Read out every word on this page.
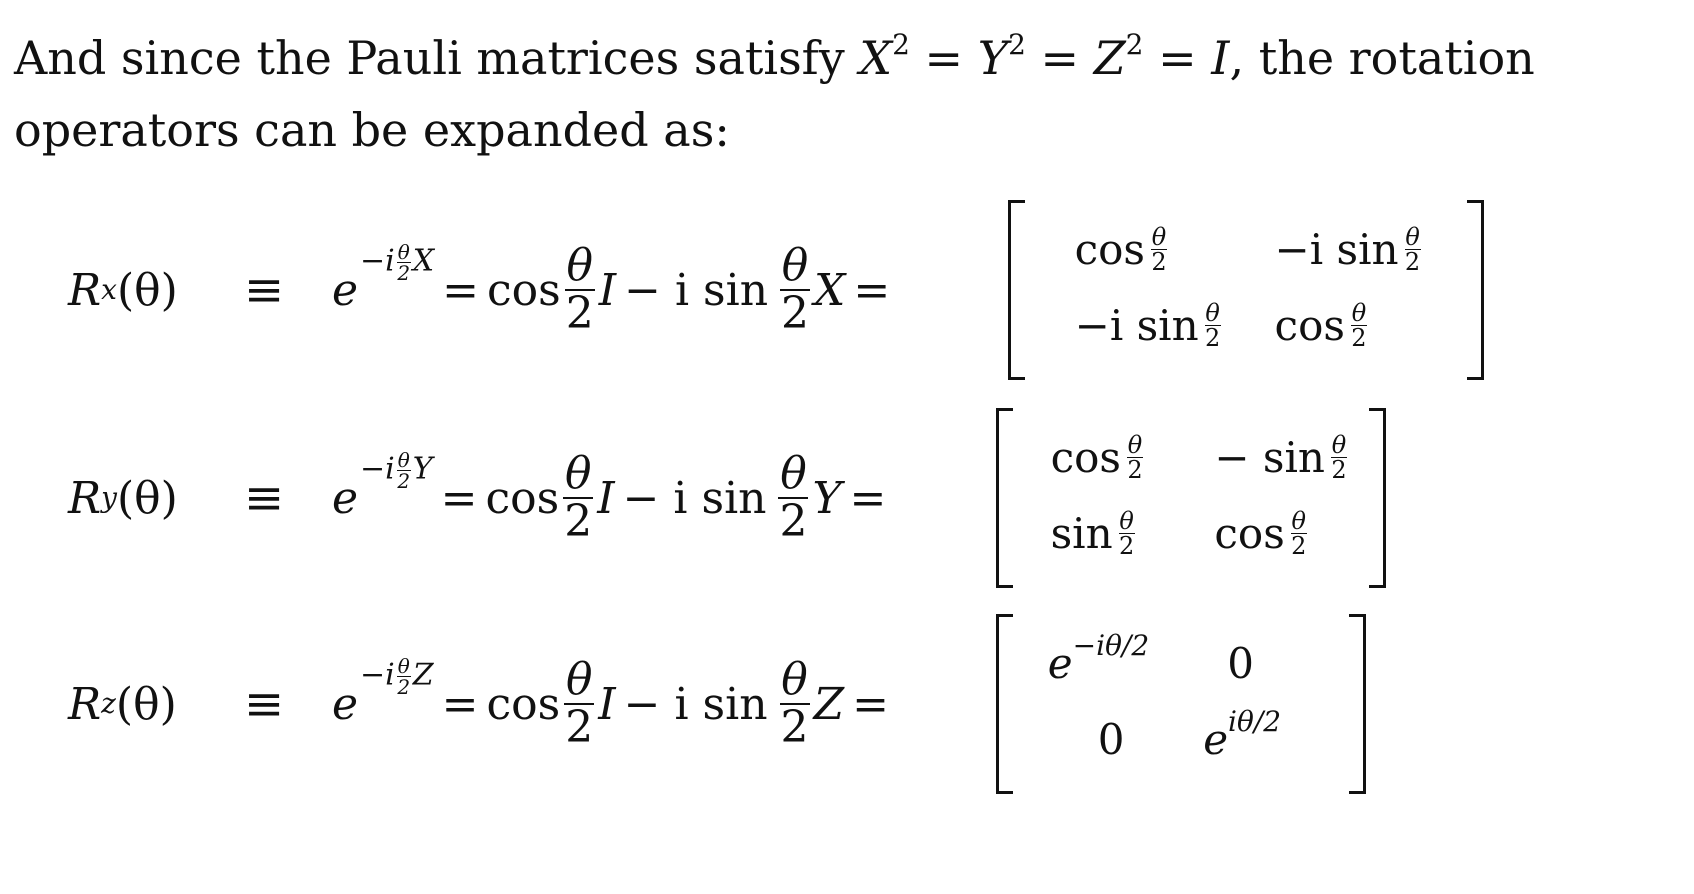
And since the Pauli matrices satisfy $X^2 = Y^2 = Z^2 = I$, the rotation
operators can be expanded as:
R x (θ) ≡ e
$-i \frac{\theta}{2}$ X
= $\cos \frac{\theta}{2}$ I − i $\sin \frac{\theta}{2}$ X =
$\cos \frac{\theta}{2}$	−i $\sin \frac{\theta}{2}$
−i $\sin \frac{\theta}{2}$ $\cos \frac{\theta}{2}$
R y (θ) ≡ e
$-i \frac{\theta}{2}$ Y
= $\cos \frac{\theta}{2}$ I − i $\sin \frac{\theta}{2}$ Y =
$\cos \frac{\theta}{2} - \sin \frac{\theta}{2}$
$\sin \frac{\theta}{2}$ $\cos \frac{\theta}{2}$
R z (θ) ≡ e
$-i \frac{\theta}{2}$ Z
= $\cos \frac{\theta}{2}$ I − i $\sin \frac{\theta}{2}$ Z =
e −iθ/2 0
0 e iθ/2
